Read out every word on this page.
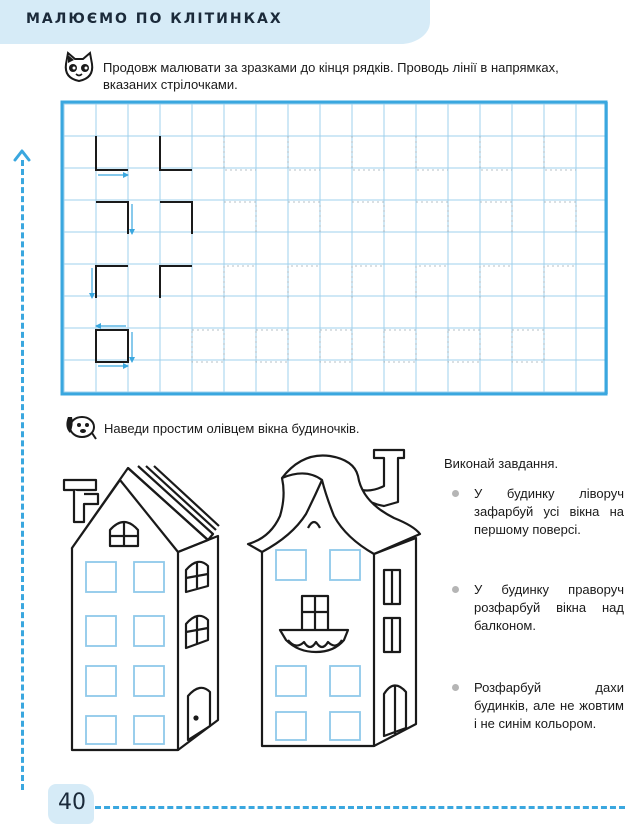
МАЛЮЄМО ПО КЛІТИНКАХ
Продовж малювати за зразками до кінця рядків. Проводь лінії в напрямках, вказаних стрілочками.
Наведи простим олівцем вікна будиночків.
Виконай завдання.
У будинку ліворуч зафарбуй усі вікна на першому поверсі.
У будинку праворуч розфарбуй вікна над балконом.
Розфарбуй дахи будинків, але не жовтим і не синім кольором.
40
